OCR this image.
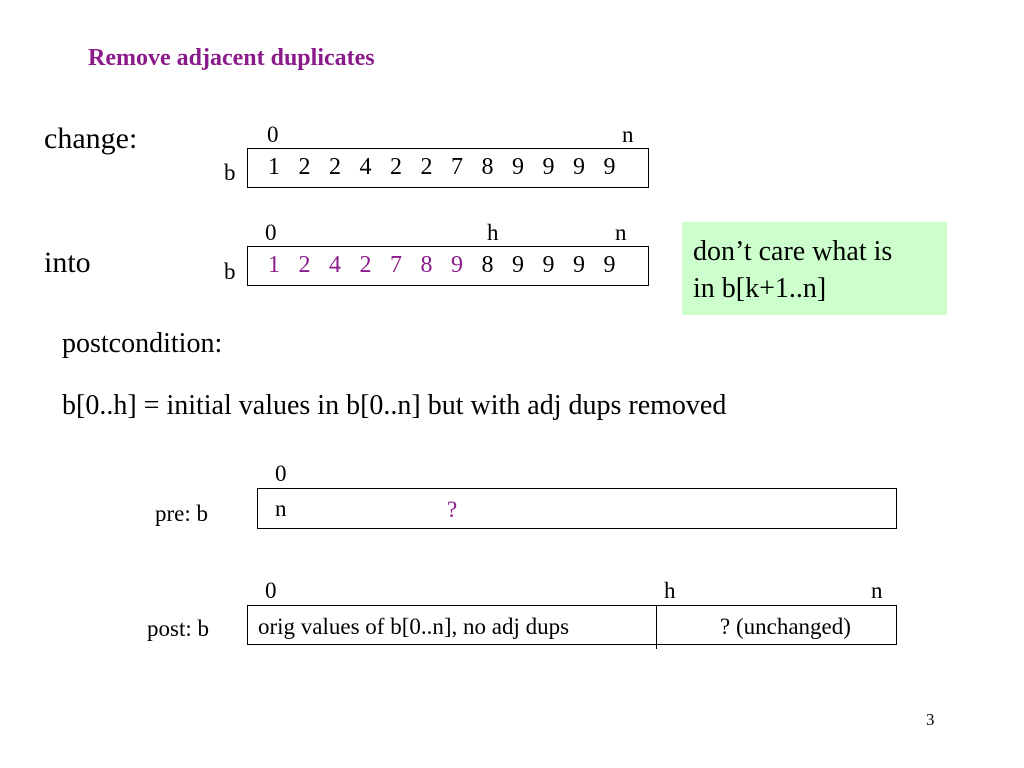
Remove adjacent duplicates
change:	0	n
b 1 2 2 4 2 2 7 8 9 9 9 9
into
0	h	n
b 1 2 4 2 7 8 9 8 9 9 9 9	don’t care what is
in b[k+1..n]
postcondition:
b[0..h] = initial values in b[0..n] but with adj dups removed
0
pre: b	n	?
0	h	n
post: b orig values of b[0..n], no adj dups	? (unchanged)
3
